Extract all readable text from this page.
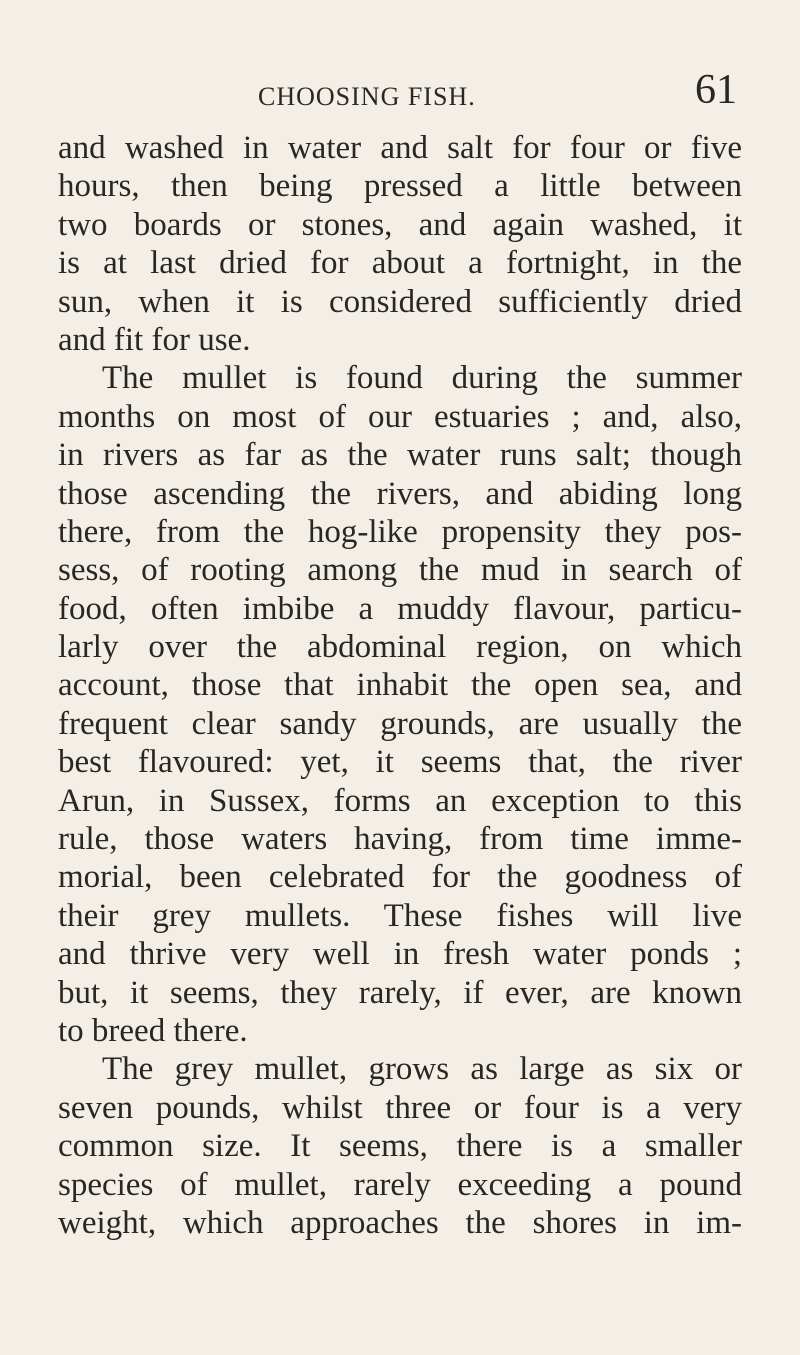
CHOOSING FISH.	61
and washed in water and salt for four or five
hours, then being pressed a little between
two boards or stones, and again washed, it
is at last dried for about a fortnight, in the
sun, when it is considered sufficiently dried
and fit for use.
The mullet is found during the summer
months on most of our estuaries ; and, also,
in rivers as far as the water runs salt; though
those ascending the rivers, and abiding long
there, from the hog-like propensity they pos-
sess, of rooting among the mud in search of
food, often imbibe a muddy flavour, particu-
larly over the abdominal region, on which
account, those that inhabit the open sea, and
frequent clear sandy grounds, are usually the
best flavoured: yet, it seems that, the river
Arun, in Sussex, forms an exception to this
rule, those waters having, from time imme-
morial, been celebrated for the goodness of
their grey mullets. These fishes will live
and thrive very well in fresh water ponds ;
but, it seems, they rarely, if ever, are known
to breed there.
The grey mullet, grows as large as six or
seven pounds, whilst three or four is a very
common size. It seems, there is a smaller
species of mullet, rarely exceeding a pound
weight, which approaches the shores in im-
